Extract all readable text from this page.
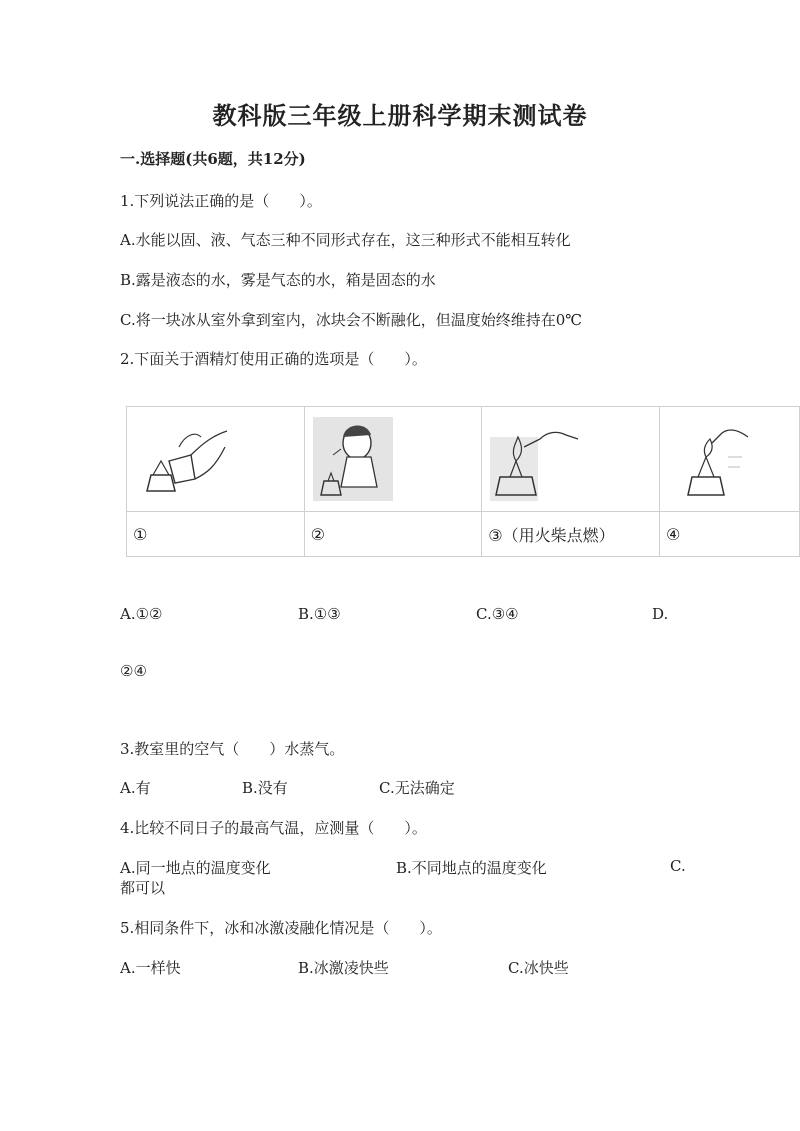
教科版三年级上册科学期末测试卷
一.选择题(共6题，共12分)
1.下列说法正确的是（　　）。
A.水能以固、液、气态三种不同形式存在，这三种形式不能相互转化
B.露是液态的水，雾是气态的水，箱是固态的水
C.将一块冰从室外拿到室内，冰块会不断融化，但温度始终维持在0℃
2.下面关于酒精灯使用正确的选项是（　　）。

①	②	③（用火柴点燃）	④
A.①②	B.①③	C.③④	D.
②④
3.教室里的空气（　　）水蒸气。
A.有	B.没有	C.无法确定
4.比较不同日子的最高气温，应测量（　　）。
A.同一地点的温度变化	B.不同地点的温度变化	C.
都可以
5.相同条件下，冰和冰激凌融化情况是（　　）。
A.一样快	B.冰激凌快些	C.冰快些
